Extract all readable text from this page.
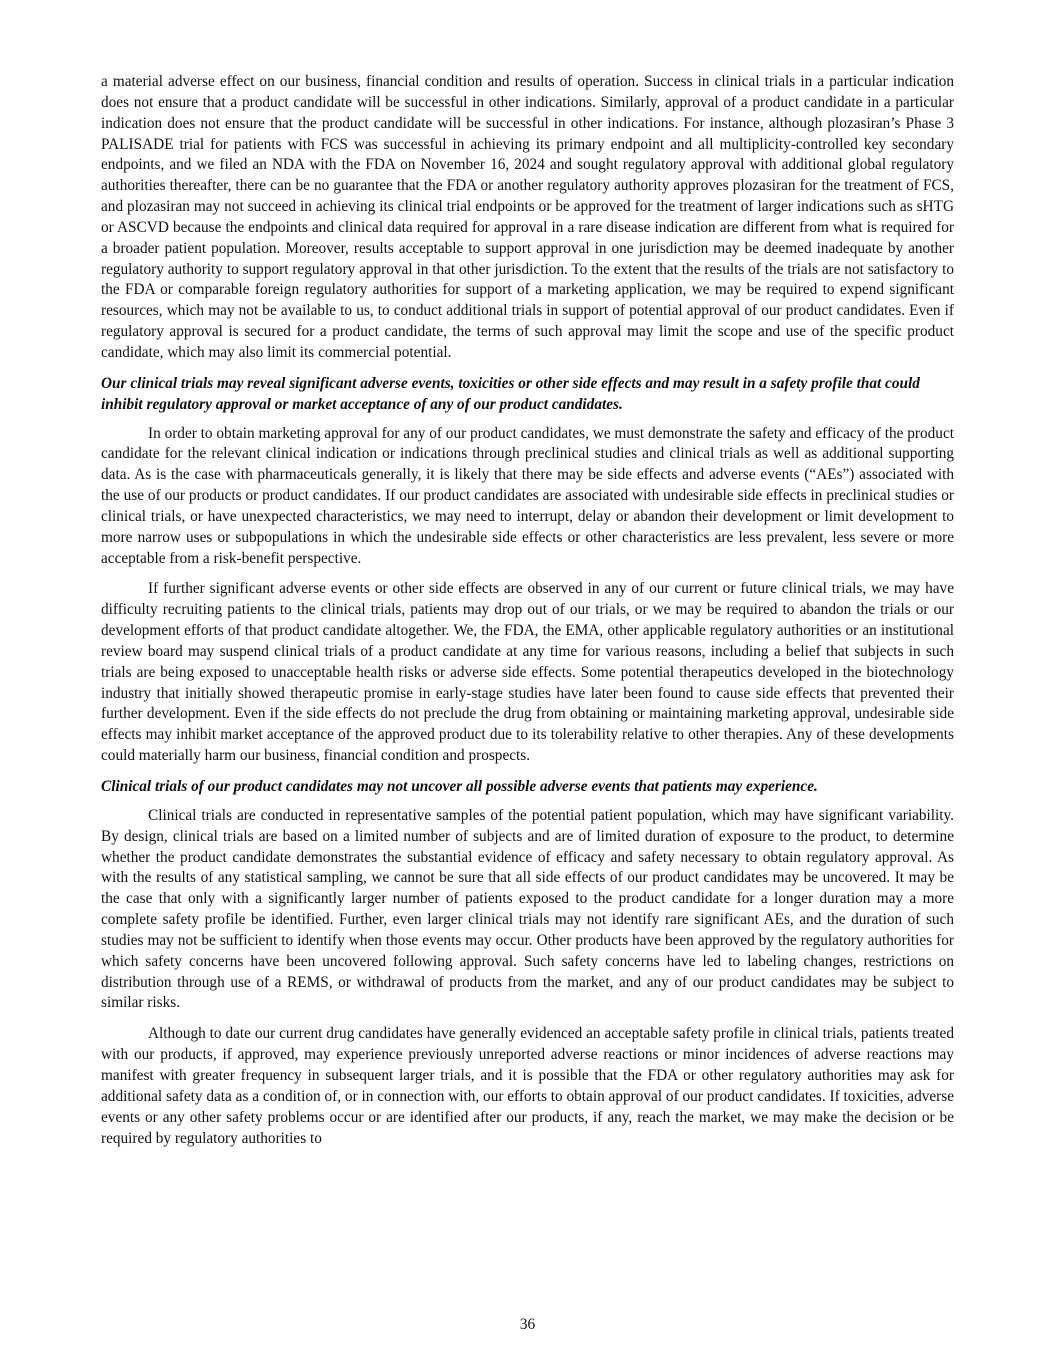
a material adverse effect on our business, financial condition and results of operation. Success in clinical trials in a particular indication does not ensure that a product candidate will be successful in other indications. Similarly, approval of a product candidate in a particular indication does not ensure that the product candidate will be successful in other indications. For instance, although plozasiran’s Phase 3 PALISADE trial for patients with FCS was successful in achieving its primary endpoint and all multiplicity-controlled key secondary endpoints, and we filed an NDA with the FDA on November 16, 2024 and sought regulatory approval with additional global regulatory authorities thereafter, there can be no guarantee that the FDA or another regulatory authority approves plozasiran for the treatment of FCS, and plozasiran may not succeed in achieving its clinical trial endpoints or be approved for the treatment of larger indications such as sHTG or ASCVD because the endpoints and clinical data required for approval in a rare disease indication are different from what is required for a broader patient population. Moreover, results acceptable to support approval in one jurisdiction may be deemed inadequate by another regulatory authority to support regulatory approval in that other jurisdiction. To the extent that the results of the trials are not satisfactory to the FDA or comparable foreign regulatory authorities for support of a marketing application, we may be required to expend significant resources, which may not be available to us, to conduct additional trials in support of potential approval of our product candidates. Even if regulatory approval is secured for a product candidate, the terms of such approval may limit the scope and use of the specific product candidate, which may also limit its commercial potential.

Our clinical trials may reveal significant adverse events, toxicities or other side effects and may result in a safety profile that could inhibit regulatory approval or market acceptance of any of our product candidates.

In order to obtain marketing approval for any of our product candidates, we must demonstrate the safety and efficacy of the product candidate for the relevant clinical indication or indications through preclinical studies and clinical trials as well as additional supporting data. As is the case with pharmaceuticals generally, it is likely that there may be side effects and adverse events (“AEs”) associated with the use of our products or product candidates. If our product candidates are associated with undesirable side effects in preclinical studies or clinical trials, or have unexpected characteristics, we may need to interrupt, delay or abandon their development or limit development to more narrow uses or subpopulations in which the undesirable side effects or other characteristics are less prevalent, less severe or more acceptable from a risk-benefit perspective.

If further significant adverse events or other side effects are observed in any of our current or future clinical trials, we may have difficulty recruiting patients to the clinical trials, patients may drop out of our trials, or we may be required to abandon the trials or our development efforts of that product candidate altogether. We, the FDA, the EMA, other applicable regulatory authorities or an institutional review board may suspend clinical trials of a product candidate at any time for various reasons, including a belief that subjects in such trials are being exposed to unacceptable health risks or adverse side effects. Some potential therapeutics developed in the biotechnology industry that initially showed therapeutic promise in early-stage studies have later been found to cause side effects that prevented their further development. Even if the side effects do not preclude the drug from obtaining or maintaining marketing approval, undesirable side effects may inhibit market acceptance of the approved product due to its tolerability relative to other therapies. Any of these developments could materially harm our business, financial condition and prospects.

Clinical trials of our product candidates may not uncover all possible adverse events that patients may experience.

Clinical trials are conducted in representative samples of the potential patient population, which may have significant variability. By design, clinical trials are based on a limited number of subjects and are of limited duration of exposure to the product, to determine whether the product candidate demonstrates the substantial evidence of efficacy and safety necessary to obtain regulatory approval. As with the results of any statistical sampling, we cannot be sure that all side effects of our product candidates may be uncovered. It may be the case that only with a significantly larger number of patients exposed to the product candidate for a longer duration may a more complete safety profile be identified. Further, even larger clinical trials may not identify rare significant AEs, and the duration of such studies may not be sufficient to identify when those events may occur. Other products have been approved by the regulatory authorities for which safety concerns have been uncovered following approval. Such safety concerns have led to labeling changes, restrictions on distribution through use of a REMS, or withdrawal of products from the market, and any of our product candidates may be subject to similar risks.

Although to date our current drug candidates have generally evidenced an acceptable safety profile in clinical trials, patients treated with our products, if approved, may experience previously unreported adverse reactions or minor incidences of adverse reactions may manifest with greater frequency in subsequent larger trials, and it is possible that the FDA or other regulatory authorities may ask for additional safety data as a condition of, or in connection with, our efforts to obtain approval of our product candidates. If toxicities, adverse events or any other safety problems occur or are identified after our products, if any, reach the market, we may make the decision or be required by regulatory authorities to

36
